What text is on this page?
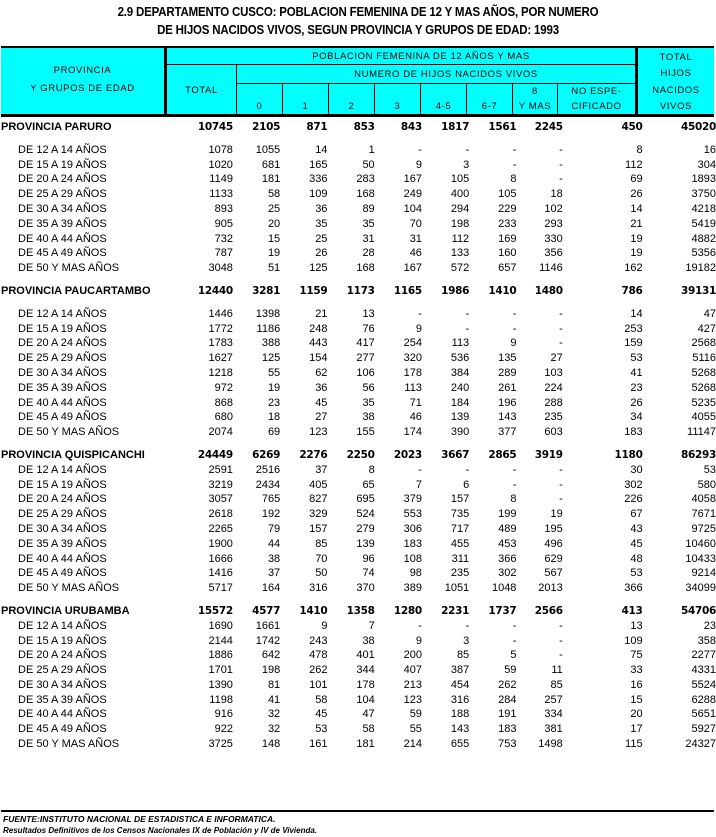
2.9 DEPARTAMENTO CUSCO: POBLACION FEMENINA DE 12 Y MAS AÑOS, POR NUMERO
DE HIJOS NACIDOS VIVOS, SEGUN PROVINCIA Y GRUPOS DE EDAD: 1993
PROVINCIA
Y GRUPOS DE EDAD	TOTAL
POBLACION FEMENINA DE 12 AÑOS Y MAS
NUMERO DE HIJOS NACIDOS VIVOS
0	1	2	3	4-5	6-7
8
Y MAS
NO ESPE-
CIFICADO
TOTAL
HIJOS
NACIDOS
VIVOS
PROVINCIA PARURO	10745	2105	871	853	843	1817	1561	2245	450	45020

DE 12 A 14 AÑOS	1078	1055	14	1	-	-	-	-	8	16
DE 15 A 19 AÑOS	1020	681	165	50	9	3	-	-	112	304
DE 20 A 24 AÑOS	1149	181	336	283	167	105	8	-	69	1893
DE 25 A 29 AÑOS	1133	58	109	168	249	400	105	18	26	3750
DE 30 A 34 AÑOS	893	25	36	89	104	294	229	102	14	4218
DE 35 A 39 AÑOS	905	20	35	35	70	198	233	293	21	5419
DE 40 A 44 AÑOS	732	15	25	31	31	112	169	330	19	4882
DE 45 A 49 AÑOS	787	19	26	28	46	133	160	356	19	5356
DE 50 Y MAS AÑOS	3048	51	125	168	167	572	657	1146	162	19182

PROVINCIA PAUCARTAMBO	12440	3281	1159	1173	1165	1986	1410	1480	786	39131

DE 12 A 14 AÑOS	1446	1398	21	13	-	-	-	-	14	47
DE 15 A 19 AÑOS	1772	1186	248	76	9	-	-	-	253	427
DE 20 A 24 AÑOS	1783	388	443	417	254	113	9	-	159	2568
DE 25 A 29 AÑOS	1627	125	154	277	320	536	135	27	53	5116
DE 30 A 34 AÑOS	1218	55	62	106	178	384	289	103	41	5268
DE 35 A 39 AÑOS	972	19	36	56	113	240	261	224	23	5268
DE 40 A 44 AÑOS	868	23	45	35	71	184	196	288	26	5235
DE 45 A 49 AÑOS	680	18	27	38	46	139	143	235	34	4055
DE 50 Y MAS AÑOS	2074	69	123	155	174	390	377	603	183	11147

PROVINCIA QUISPICANCHI	24449	6269	2276	2250	2023	3667	2865	3919	1180	86293
DE 12 A 14 AÑOS	2591	2516	37	8	-	-	-	-	30	53
DE 15 A 19 AÑOS	3219	2434	405	65	7	6	-	-	302	580
DE 20 A 24 AÑOS	3057	765	827	695	379	157	8	-	226	4058
DE 25 A 29 AÑOS	2618	192	329	524	553	735	199	19	67	7671
DE 30 A 34 AÑOS	2265	79	157	279	306	717	489	195	43	9725
DE 35 A 39 AÑOS	1900	44	85	139	183	455	453	496	45	10460
DE 40 A 44 AÑOS	1666	38	70	96	108	311	366	629	48	10433
DE 45 A 49 AÑOS	1416	37	50	74	98	235	302	567	53	9214
DE 50 Y MAS AÑOS	5717	164	316	370	389	1051	1048	2013	366	34099

PROVINCIA URUBAMBA	15572	4577	1410	1358	1280	2231	1737	2566	413	54706
DE 12 A 14 AÑOS	1690	1661	9	7	-	-	-	-	13	23
DE 15 A 19 AÑOS	2144	1742	243	38	9	3	-	-	109	358
DE 20 A 24 AÑOS	1886	642	478	401	200	85	5	-	75	2277
DE 25 A 29 AÑOS	1701	198	262	344	407	387	59	11	33	4331
DE 30 A 34 AÑOS	1390	81	101	178	213	454	262	85	16	5524
DE 35 A 39 AÑOS	1198	41	58	104	123	316	284	257	15	6288
DE 40 A 44 AÑOS	916	32	45	47	59	188	191	334	20	5651
DE 45 A 49 AÑOS	922	32	53	58	55	143	183	381	17	5927
DE 50 Y MAS AÑOS	3725	148	161	181	214	655	753	1498	115	24327
FUENTE:INSTITUTO NACIONAL DE ESTADISTICA E INFORMATICA.
Resultados Definitivos de los Censos Nacionales IX de Población y IV de Vivienda.
